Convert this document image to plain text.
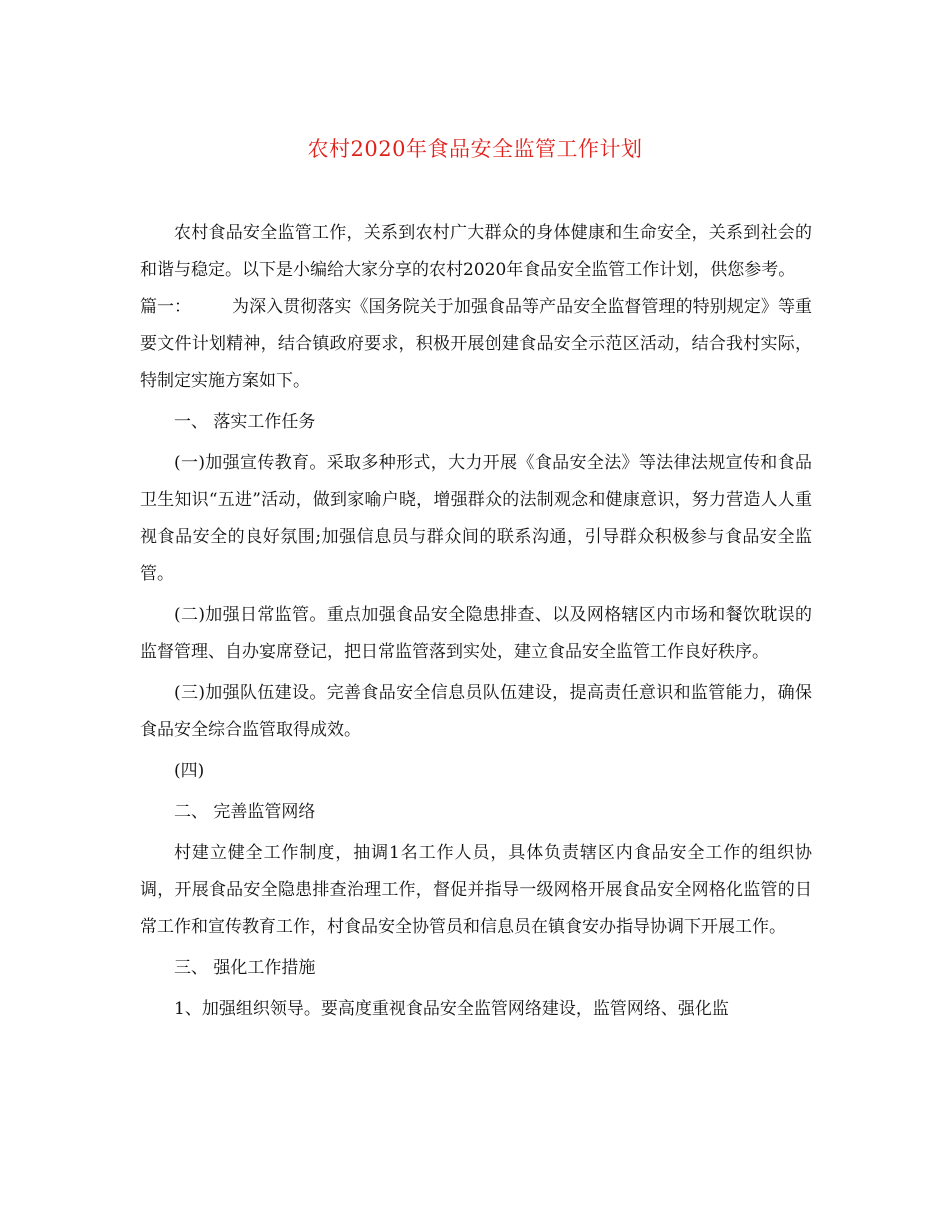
农村2020年食品安全监管工作计划

农村食品安全监管工作，关系到农村广大群众的身体健康和生命安全，关系到社会的和谐与稳定。以下是小编给大家分享的农村2020年食品安全监管工作计划，供您参考。

篇一： 为深入贯彻落实《国务院关于加强食品等产品安全监督管理的特别规定》等重要文件计划精神，结合镇政府要求，积极开展创建食品安全示范区活动，结合我村实际，特制定实施方案如下。

一、 落实工作任务

(一)加强宣传教育。采取多种形式，大力开展《食品安全法》等法律法规宣传和食品卫生知识“五进”活动，做到家喻户晓，增强群众的法制观念和健康意识，努力营造人人重视食品安全的良好氛围;加强信息员与群众间的联系沟通，引导群众积极参与食品安全监管。

(二)加强日常监管。重点加强食品安全隐患排查、以及网格辖区内市场和餐饮耽误的监督管理、自办宴席登记，把日常监管落到实处，建立食品安全监管工作良好秩序。

(三)加强队伍建设。完善食品安全信息员队伍建设，提高责任意识和监管能力，确保食品安全综合监管取得成效。

(四)

二、 完善监管网络

村建立健全工作制度，抽调1名工作人员，具体负责辖区内食品安全工作的组织协调，开展食品安全隐患排查治理工作，督促并指导一级网格开展食品安全网格化监管的日常工作和宣传教育工作，村食品安全协管员和信息员在镇食安办指导协调下开展工作。

三、 强化工作措施

1、加强组织领导。要高度重视食品安全监管网络建设，监管网络、强化监
